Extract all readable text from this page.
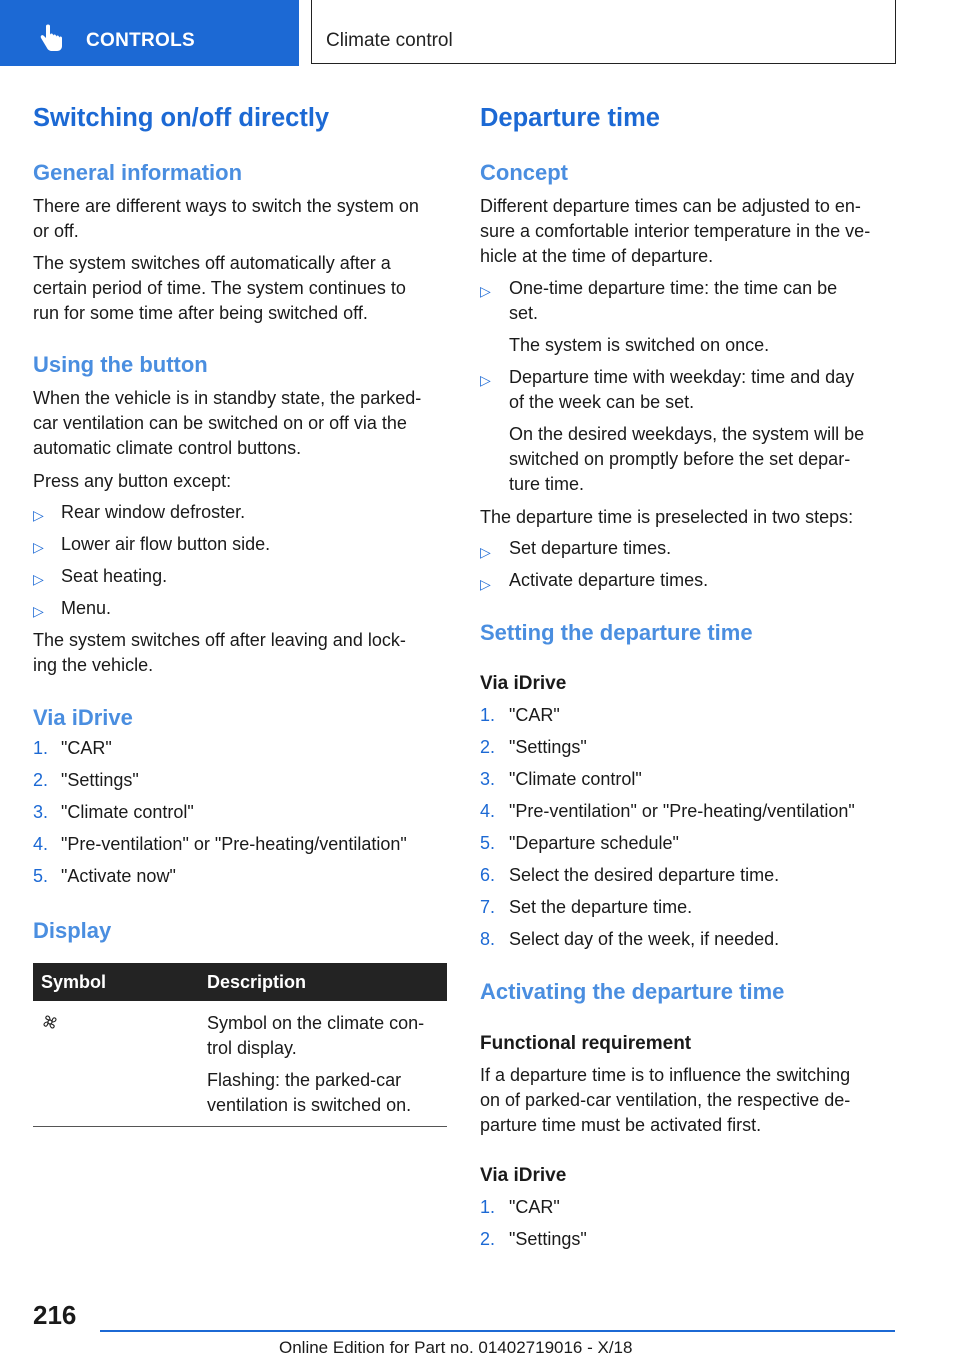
CONTROLS	Climate control
Switching on/off directly
General information

There are different ways to switch the system on

or off.

The system switches off automatically after a

certain period of time. The system continues to

run for some time after being switched off.

Using the button

When the vehicle is in standby state, the parked-

car ventilation can be switched on or off via the

automatic climate control buttons.

Press any button except:

▷ Rear window defroster.
▷ Lower air flow button side.
▷ Seat heating.
▷ Menu.

The system switches off after leaving and lock-

ing the vehicle.

Via iDrive
1. "CAR"
2. "Settings"
3. "Climate control"
4. "Pre-ventilation" or "Pre-heating/ventilation"
5. "Activate now"
Display
Symbol	Description

Symbol on the climate con-
trol display.
Flashing: the parked-car
ventilation is switched on.
Departure time
Concept

Different departure times can be adjusted to en-

sure a comfortable interior temperature in the ve-

hicle at the time of departure.

▷ One-time departure time: the time can be

set.

The system is switched on once.

▷ Departure time with weekday: time and day

of the week can be set.

On the desired weekdays, the system will be

switched on promptly before the set depar-

ture time.

The departure time is preselected in two steps:

▷ Set departure times.
▷ Activate departure times.
Setting the departure time
Via iDrive
1. "CAR"
2. "Settings"
3. "Climate control"
4. "Pre-ventilation" or "Pre-heating/ventilation"
5. "Departure schedule"
6. Select the desired departure time.
7. Set the departure time.
8. Select day of the week, if needed.
Activating the departure time
Functional requirement

If a departure time is to influence the switching

on of parked-car ventilation, the respective de-

parture time must be activated first.

Via iDrive
1. "CAR"
2. "Settings"
216
Online Edition for Part no. 01402719016 - X/18
